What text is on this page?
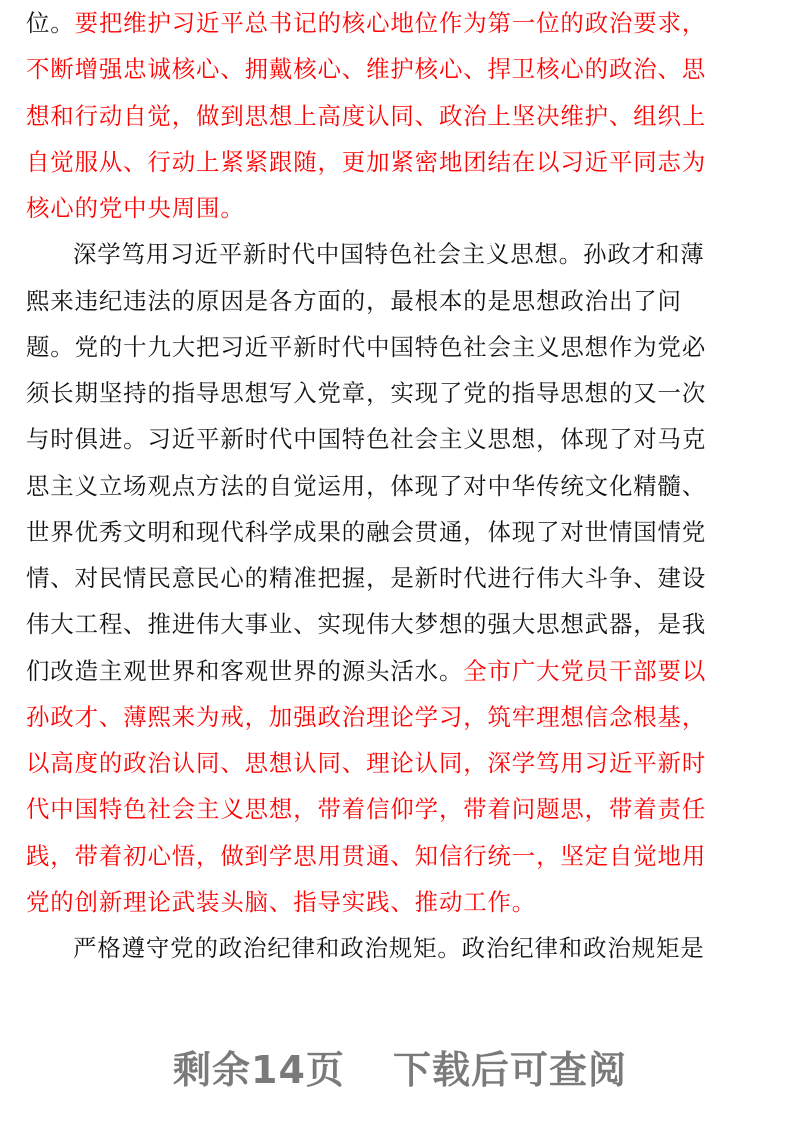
位。要把维护习近平总书记的核心地位作为第一位的政治要求，
不断增强忠诚核心、拥戴核心、维护核心、捍卫核心的政治、思
想和行动自觉，做到思想上高度认同、政治上坚决维护、组织上
自觉服从、行动上紧紧跟随，更加紧密地团结在以习近平同志为
核心的党中央周围。
深学笃用习近平新时代中国特色社会主义思想。孙政才和薄
熙来违纪违法的原因是各方面的，最根本的是思想政治出了问
题。党的十九大把习近平新时代中国特色社会主义思想作为党必
须长期坚持的指导思想写入党章，实现了党的指导思想的又一次
与时俱进。习近平新时代中国特色社会主义思想，体现了对马克
思主义立场观点方法的自觉运用，体现了对中华传统文化精髓、
世界优秀文明和现代科学成果的融会贯通，体现了对世情国情党
情、对民情民意民心的精准把握，是新时代进行伟大斗争、建设
伟大工程、推进伟大事业、实现伟大梦想的强大思想武器，是我
们改造主观世界和客观世界的源头活水。全市广大党员干部要以
孙政才、薄熙来为戒，加强政治理论学习，筑牢理想信念根基，
以高度的政治认同、思想认同、理论认同，深学笃用习近平新时
代中国特色社会主义思想，带着信仰学，带着问题思，带着责任
践，带着初心悟，做到学思用贯通、知信行统一，坚定自觉地用
党的创新理论武装头脑、指导实践、推动工作。
严格遵守党的政治纪律和政治规矩。政治纪律和政治规矩是
剩余14页 下载后可查阅
